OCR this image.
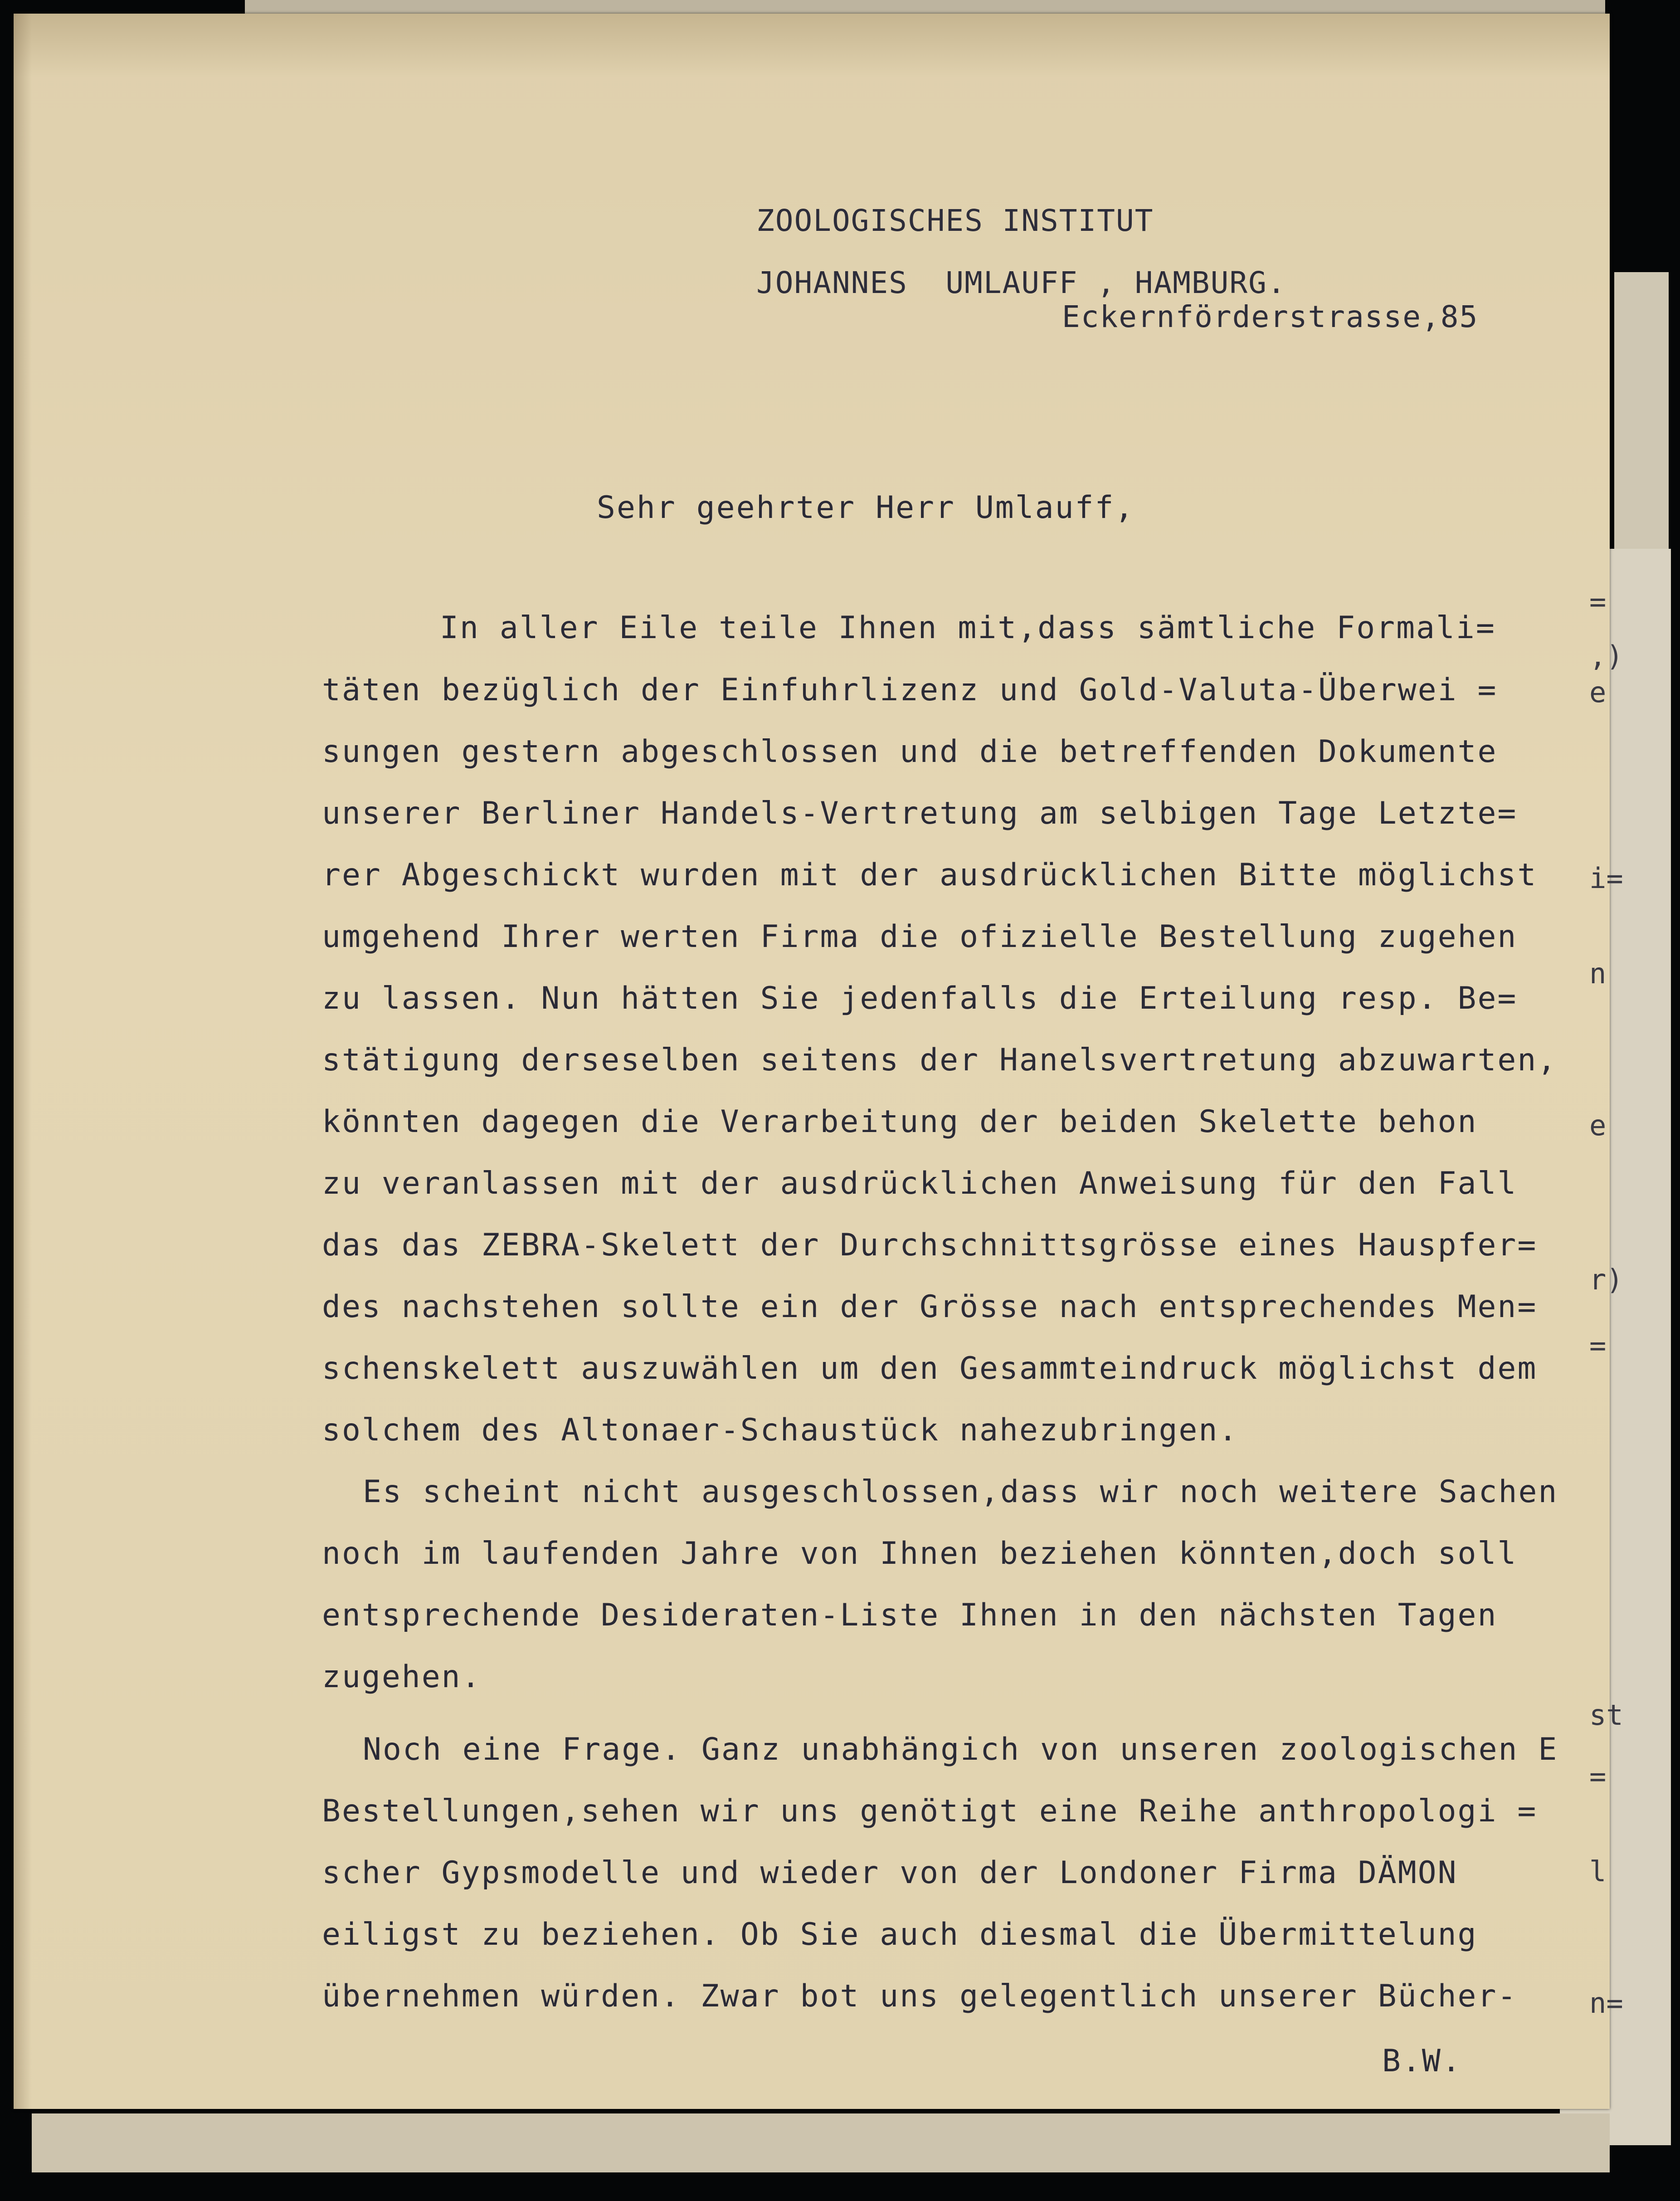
ZOOLOGISCHES INSTITUT
JOHANNES  UMLAUFF , HAMBURG.
Eckernförderstrasse,85
Sehr geehrter Herr Umlauff,
In aller Eile teile Ihnen mit,dass sämtliche Formali=
täten bezüglich der Einfuhrlizenz und Gold-Valuta-Überwei =
sungen gestern abgeschlossen und die betreffenden Dokumente
unserer Berliner Handels-Vertretung am selbigen Tage Letzte=
rer Abgeschickt wurden mit der ausdrücklichen Bitte möglichst
umgehend Ihrer werten Firma die ofizielle Bestellung zugehen
zu lassen. Nun hätten Sie jedenfalls die Erteilung resp. Be=
stätigung derseselben seitens der Hanelsvertretung abzuwarten,
könnten dagegen die Verarbeitung der beiden Skelette behon
zu veranlassen mit der ausdrücklichen Anweisung für den Fall
das das ZEBRA-Skelett der Durchschnittsgrösse eines Hauspfer=
des nachstehen sollte ein der Grösse nach entsprechendes Men=
schenskelett auszuwählen um den Gesammteindruck möglichst dem
solchem des Altonaer-Schaustück nahezubringen.
Es scheint nicht ausgeschlossen,dass wir noch weitere Sachen
noch im laufenden Jahre von Ihnen beziehen könnten,doch soll
entsprechende Desideraten-Liste Ihnen in den nächsten Tagen
zugehen.
Noch eine Frage. Ganz unabhängich von unseren zoologischen E
Bestellungen,sehen wir uns genötigt eine Reihe anthropologi =
scher Gypsmodelle und wieder von der Londoner Firma DÄMON
eiligst zu beziehen. Ob Sie auch diesmal die Übermittelung
übernehmen würden. Zwar bot uns gelegentlich unserer Bücher-
B.W.
=
,)
e
i=
n
e
r)
=
st
=
l
n=
